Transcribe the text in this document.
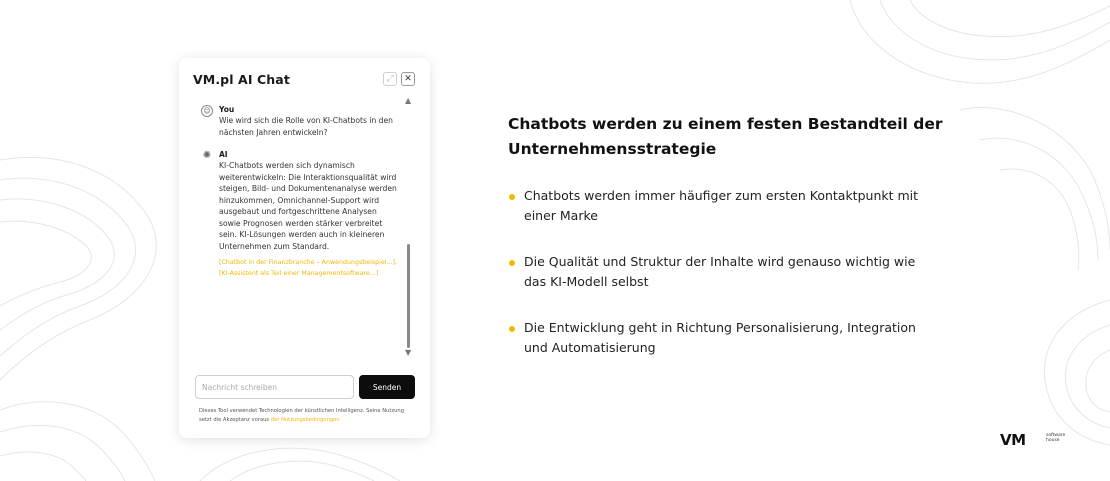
VM.pl AI Chat	⤢	✕
☺	You
Wie wird sich die Rolle von KI-Chatbots in den nächsten Jahren entwickeln?
✺ AI
KI-Chatbots werden sich dynamisch weiterentwickeln: Die Interaktionsqualität wird steigen, Bild- und Dokumentenanalyse werden hinzukommen, Omnichannel-Support wird ausgebaut und fortgeschrittene Analysen sowie Prognosen werden stärker verbreitet sein. KI-Lösungen werden auch in kleineren Unternehmen zum Standard.
[Chatbot in der Finanzbranche – Anwendungsbeispiel...], [KI-Assistent als Teil einer Managementsoftware...]
▲
▼
Nachricht schreiben
Senden
Dieses Tool verwendet Technologien der künstlichen Intelligenz. Seine Nutzung setzt die Akzeptanz voraus der Nutzungsbedingungen
Chatbots werden zu einem festen Bestandteil der Unternehmensstrategie
Chatbots werden immer häufiger zum ersten Kontaktpunkt mit einer Marke
Die Qualität und Struktur der Inhalte wird genauso wichtig wie das KI-Modell selbst
Die Entwicklung geht in Richtung Personalisierung, Integration und Automatisierung
VM	software
house
